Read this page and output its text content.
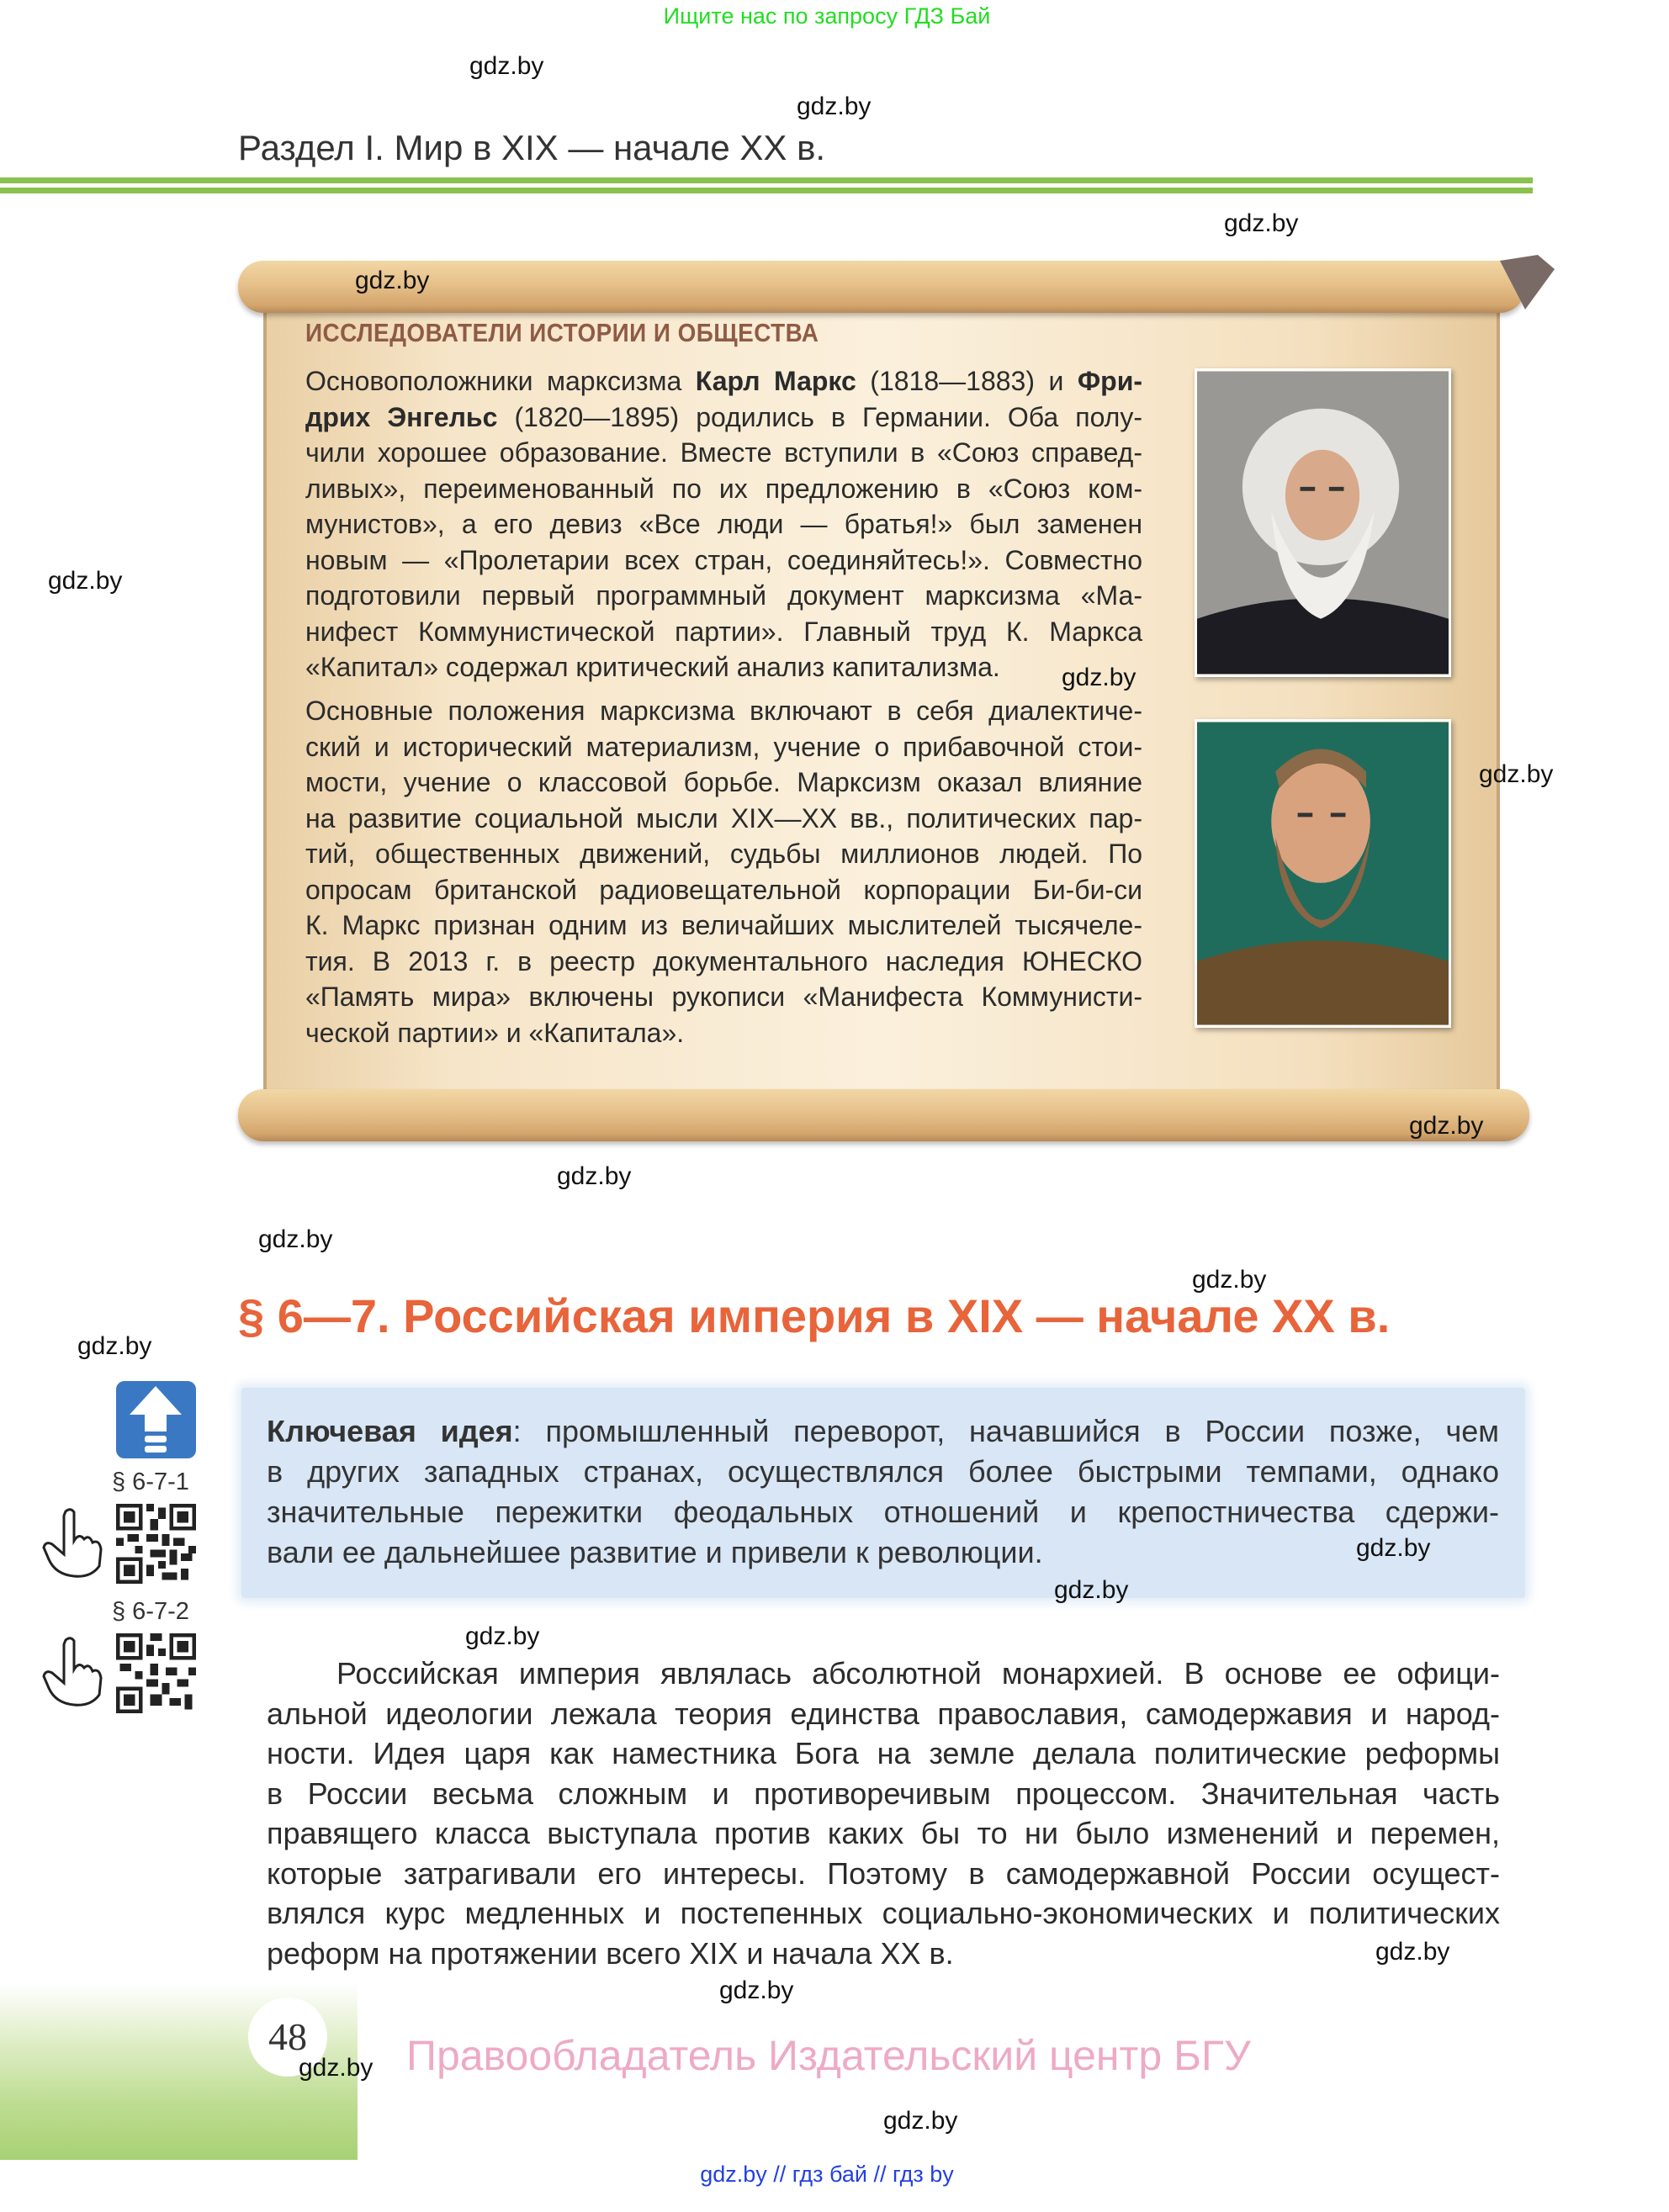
Ищите нас по запросу ГДЗ Бай
Раздел I. Мир в XIX — начале XX в.
ИССЛЕДОВАТЕЛИ ИСТОРИИ И ОБЩЕСТВА
Основоположники марксизма Карл Маркс (1818—1883) и Фри-
дрих Энгельс (1820—1895) родились в Германии. Оба полу-
чили хорошее образование. Вместе вступили в «Союз справед-
ливых», переименованный по их предложению в «Союз ком-
мунистов», а его девиз «Все люди — братья!» был заменен
новым — «Пролетарии всех стран, соединяйтесь!». Совместно
подготовили первый программный документ марксизма «Ма-
нифест Коммунистической партии». Главный труд К. Маркса
«Капитал» содержал критический анализ капитализма.
Основные положения марксизма включают в себя диалектиче-
ский и исторический материализм, учение о прибавочной стои-
мости, учение о классовой борьбе. Марксизм оказал влияние
на развитие социальной мысли XIX—XX вв., политических пар-
тий, общественных движений, судьбы миллионов людей. По
опросам британской радиовещательной корпорации Би-би-си
К. Маркс признан одним из величайших мыслителей тысячеле-
тия. В 2013 г. в реестр документального наследия ЮНЕСКО
«Память мира» включены рукописи «Манифеста Коммунисти-
ческой партии» и «Капитала».
§ 6—7. Российская империя в XIX — начале XX в.
Ключевая идея: промышленный переворот, начавшийся в России позже, чем
в других западных странах, осуществлялся более быстрыми темпами, однако
значительные пережитки феодальных отношений и крепостничества сдержи-
вали ее дальнейшее развитие и привели к революции.
§ 6-7-1
§ 6-7-2
Российская империя являлась абсолютной монархией. В основе ее офици-
альной идеологии лежала теория единства православия, самодержавия и народ-
ности. Идея царя как наместника Бога на земле делала политические реформы
в России весьма сложным и противоречивым процессом. Значительная часть
правящего класса выступала против каких бы то ни было изменений и перемен,
которые затрагивали его интересы. Поэтому в самодержавной России осущест-
влялся курс медленных и постепенных социально-экономических и политических
реформ на протяжении всего XIX и начала XX в.
48	Правообладатель Издательский центр БГУ
gdz.by // гдз бай // гдз by
gdz.by
gdz.by
gdz.by
gdz.by
gdz.by
gdz.by
gdz.by
gdz.by
gdz.by
gdz.by
gdz.by
gdz.by
gdz.by
gdz.by
gdz.by
gdz.by
gdz.by
gdz.by
gdz.by
